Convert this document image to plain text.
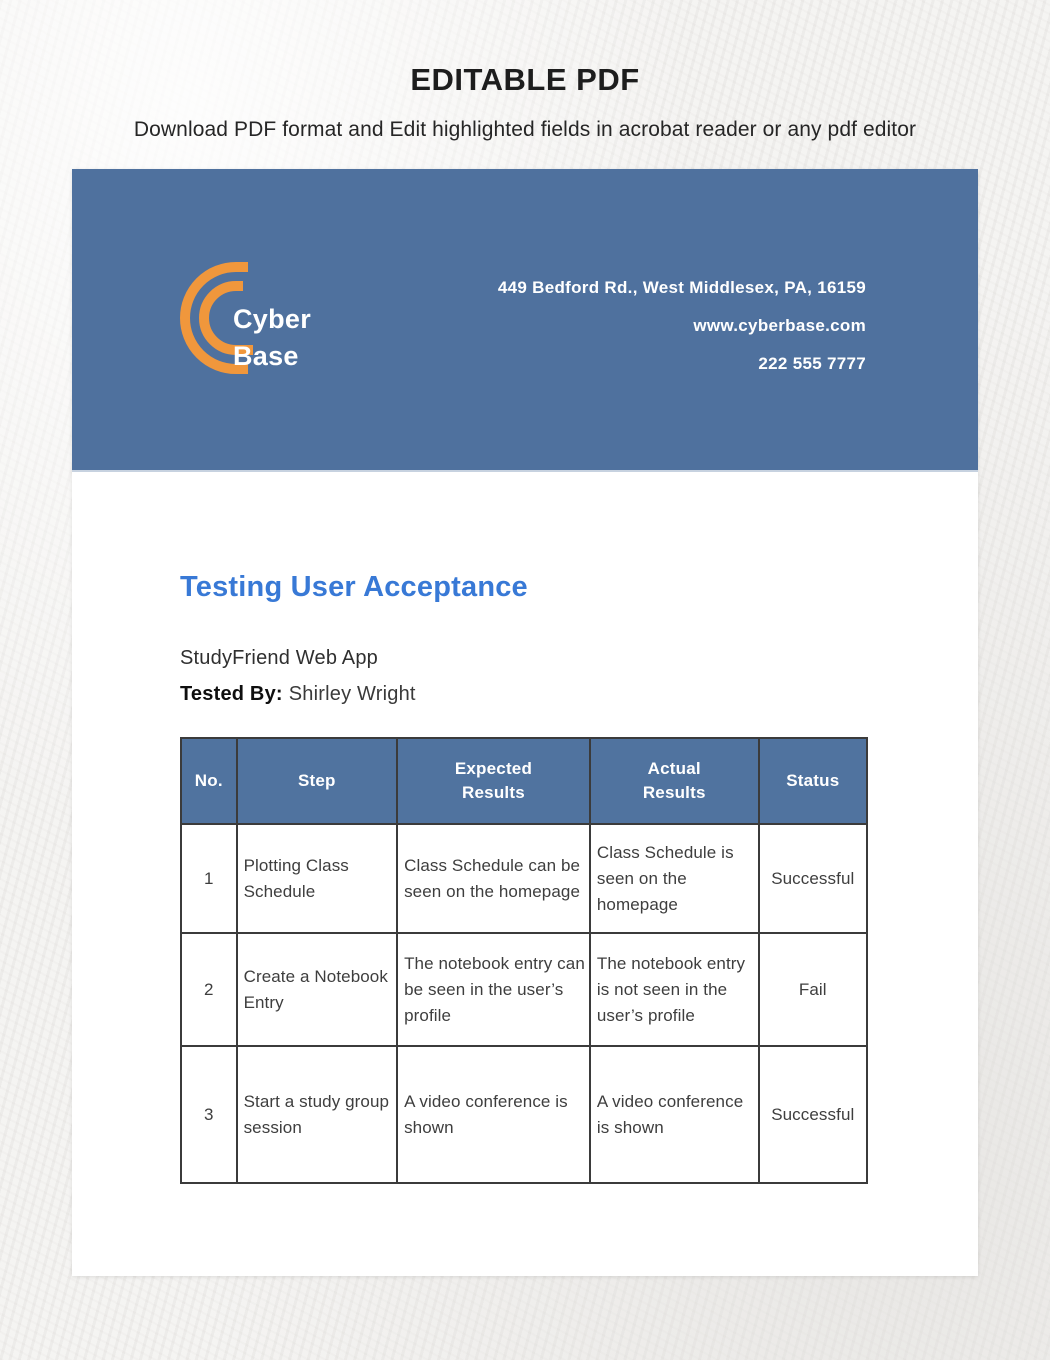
EDITABLE PDF

Download PDF format and Edit highlighted fields in acrobat reader or any pdf editor

Cyber
Base
449 Bedford Rd., West Middlesex, PA, 16159
www.cyberbase.com
222 555 7777
Testing User Acceptance

StudyFriend Web App

Tested By: Shirley Wright

No.	Step	Expected Results	Actual Results	Status
1	Plotting Class Schedule	Class Schedule can be seen on the homepage	Class Schedule is seen on the homepage	Successful
2	Create a Notebook Entry	The notebook entry can be seen in the user’s profile	The notebook entry is not seen in the user’s profile	Fail
3	Start a study group session	A video conference is shown	A video conference is shown	Successful
